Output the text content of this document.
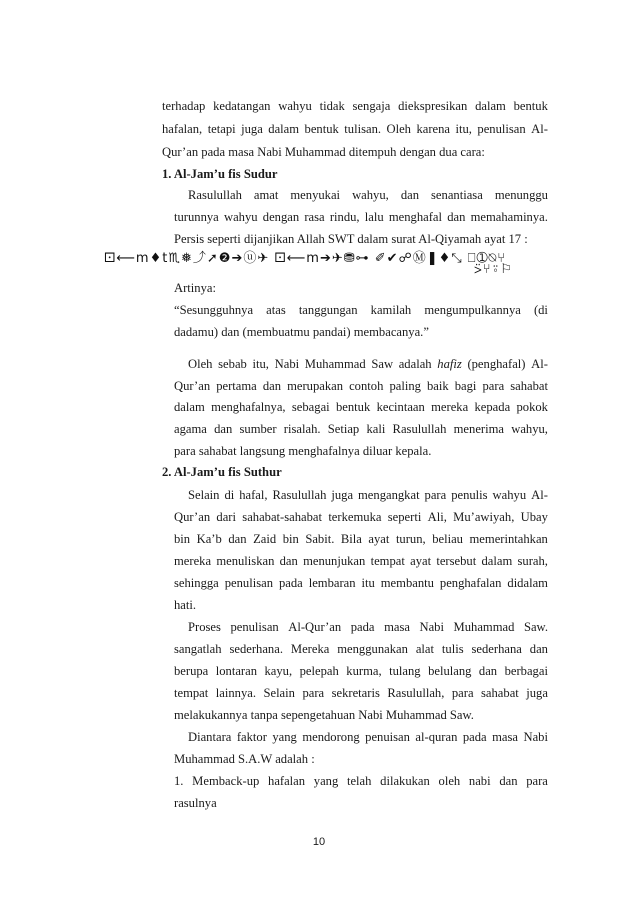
terhadap kedatangan wahyu tidak sengaja diekspresikan dalam bentuk
hafalan, tetapi juga dalam bentuk tulisan. Oleh karena itu, penulisan Al-
Qur’an pada masa Nabi Muhammad ditempuh dengan dua cara:
1. Al-Jam’u fis Sudur
Rasulullah amat menyukai wahyu, dan senantiasa menunggu
turunnya wahyu dengan rasa rindu, lalu menghafal dan memahaminya.
Persis seperti dijanjikan Allah SWT dalam surat Al-Qiyamah ayat 17 :
Artinya:
“Sesungguhnya atas tanggungan kamilah mengumpulkannya (di
dadamu) dan (membuatmu pandai) membacanya.”
Oleh sebab itu, Nabi Muhammad Saw adalah hafiz (penghafal) Al-
Qur’an pertama dan merupakan contoh paling baik bagi para sahabat
dalam menghafalnya, sebagai bentuk kecintaan mereka kepada pokok
agama dan sumber risalah. Setiap kali Rasulullah menerima wahyu,
para sahabat langsung menghafalnya diluar kepala.
2. Al-Jam’u fis Suthur
Selain di hafal, Rasulullah juga mengangkat para penulis wahyu Al-
Qur’an dari sahabat-sahabat terkemuka seperti Ali, Mu’awiyah, Ubay
bin Ka’b dan Zaid bin Sabit. Bila ayat turun, beliau memerintahkan
mereka menuliskan dan menunjukan tempat ayat tersebut dalam surah,
sehingga penulisan pada lembaran itu membantu penghafalan didalam
hati.
Proses penulisan Al-Qur’an pada masa Nabi Muhammad Saw.
sangatlah sederhana. Mereka menggunakan alat tulis sederhana dan
berupa lontaran kayu, pelepah kurma, tulang belulang dan berbagai
tempat lainnya. Selain para sekretaris Rasulullah, para sahabat juga
melakukannya tanpa sepengetahuan Nabi Muhammad Saw.
Diantara faktor yang mendorong penuisan al-quran pada masa Nabi
Muhammad S.A.W adalah :
1. Memback-up hafalan yang telah dilakukan oleh nabi dan para
rasulnya
⚀⟵m♦t♏❅⤴➚❷➔ⓤ✈ ⚀⟵m➔✈⛃⊶ ✐✔☍Ⓜ❚♦⤡ ⎕➀⍉⑂
⍩⑂⍤⚐
10
